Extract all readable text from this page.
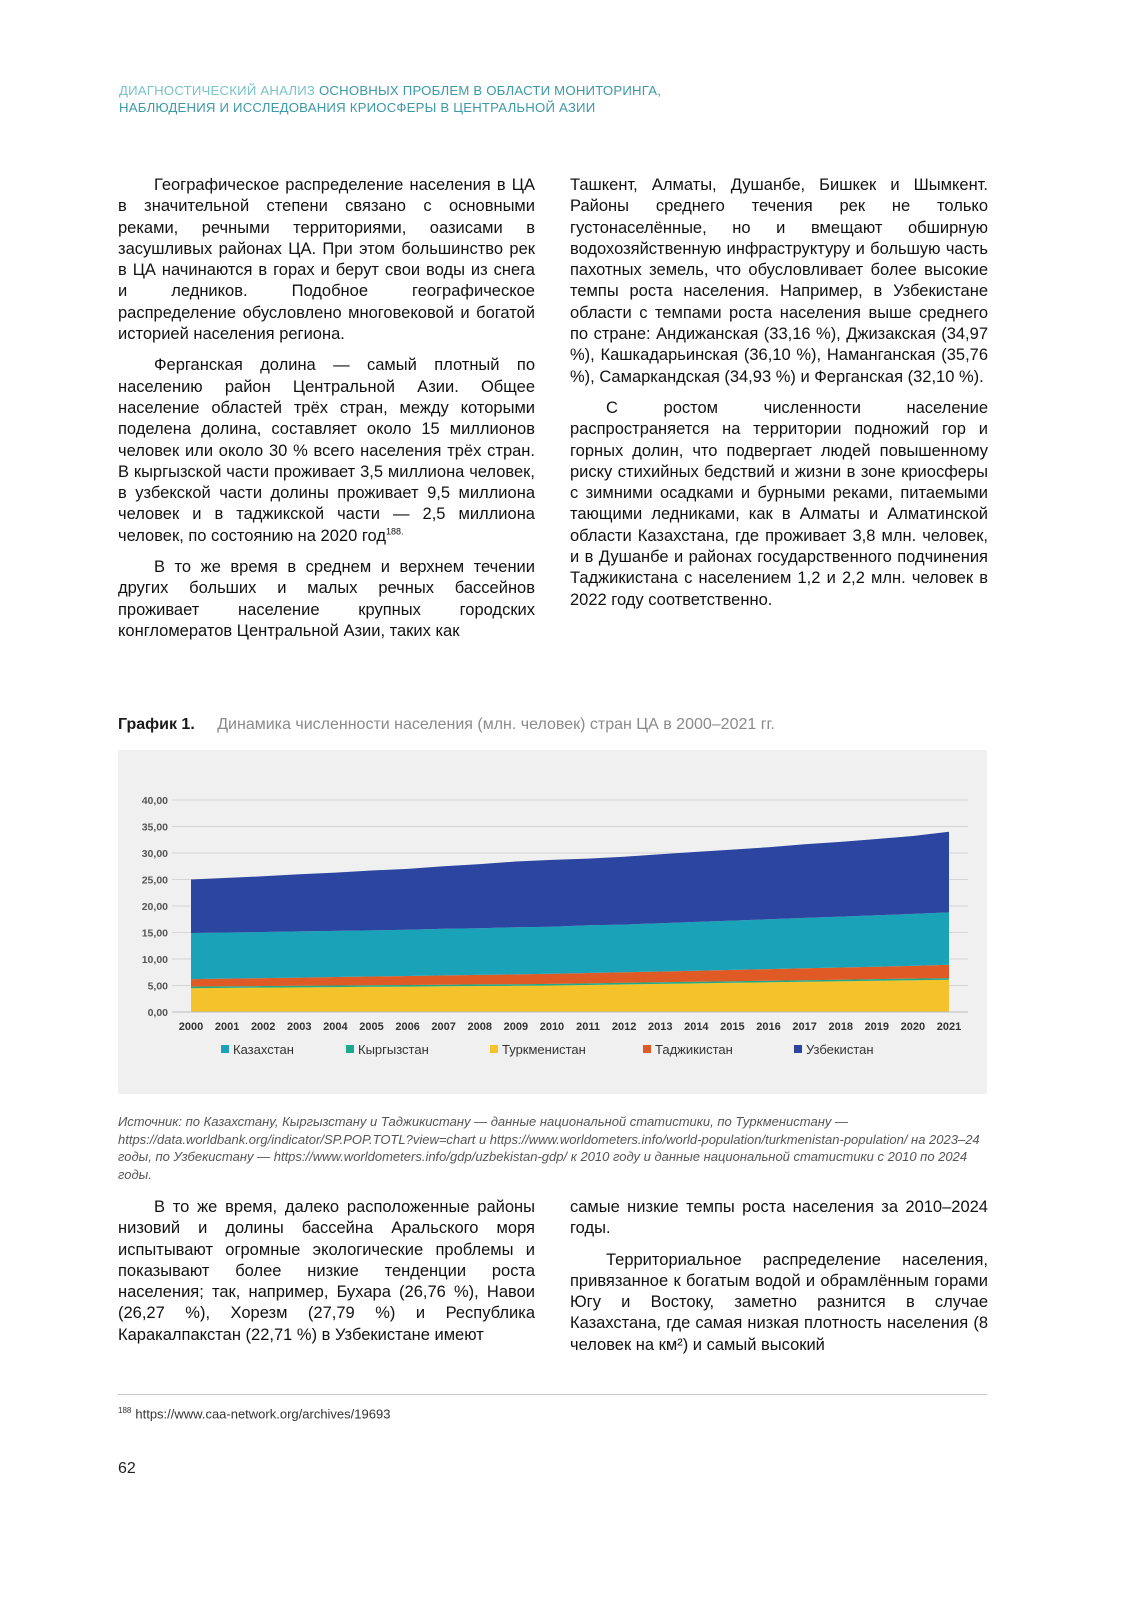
ДИАГНОСТИЧЕСКИЙ АНАЛИЗ ОСНОВНЫХ ПРОБЛЕМ В ОБЛАСТИ МОНИТОРИНГА,
НАБЛЮДЕНИЯ И ИССЛЕДОВАНИЯ КРИОСФЕРЫ В ЦЕНТРАЛЬНОЙ АЗИИ

Географическое распределение населения в ЦА в значительной степени связано с основными реками, речными территориями, оазисами в засушливых районах ЦА. При этом большинство рек в ЦА начинаются в горах и берут свои воды из снега и ледников. Подобное географическое распределение обусловлено многовековой и богатой историей населения региона.

Ферганская долина — самый плотный по населению район Центральной Азии. Общее население областей трёх стран, между которыми поделена долина, составляет около 15 миллионов человек или около 30 % всего населения трёх стран. В кыргызской части проживает 3,5 миллиона человек, в узбекской части долины проживает 9,5 миллиона человек и в таджикской части — 2,5 миллиона человек, по состоянию на 2020 год$^{188.}$

В то же время в среднем и верхнем течении других больших и малых речных бассейнов проживает население крупных городских конгломератов Центральной Азии, таких как

Ташкент, Алматы, Душанбе, Бишкек и Шымкент. Районы среднего течения рек не только густонаселённые, но и вмещают обширную водохозяйственную инфраструктуру и большую часть пахотных земель, что обусловливает более высокие темпы роста населения. Например, в Узбекистане области с темпами роста населения выше среднего по стране: Андижанская (33,16 %), Джизакская (34,97 %), Кашкадарьинская (36,10 %), Наманганская (35,76 %), Самаркандская (34,93 %) и Ферганская (32,10 %).

С ростом численности население распространяется на территории подножий гор и горных долин, что подвергает людей повышенному риску стихийных бедствий и жизни в зоне криосферы с зимними осадками и бурными реками, питаемыми тающими ледниками, как в Алматы и Алматинской области Казахстана, где проживает 3,8 млн. человек, и в Душанбе и районах государственного подчинения Таджикистана с населением 1,2 и 2,2 млн. человек в 2022 году соответственно.

График 1. Динамика численности населения (млн. человек) стран ЦА в 2000–2021 гг.
0,00
5,00
10,00
15,00
20,00
25,00
30,00
35,00
40,00
2000 2001 2002 2003 2004 2005 2006 2007 2008 2009 2010 2011 2012 2013 2014 2015 2016 2017 2018 2019 2020 2021
Казахстан	Кыргызстан	Туркменистан	Таджикистан	Узбекистан
Источник: по Казахстану, Кыргызстану и Таджикистану — данные национальной статистики, по Туркменистану — https://data.worldbank.org/indicator/SP.POP.TOTL?view=chart и https://www.worldometers.info/world-population/turkmenistan-population/ на 2023–24 годы, по Узбекистану — https://www.worldometers.info/gdp/uzbekistan-gdp/ к 2010 году и данные национальной статистики с 2010 по 2024 годы.

В то же время, далеко расположенные районы низовий и долины бассейна Аральского моря испытывают огромные экологические проблемы и показывают более низкие тенденции роста населения; так, например, Бухара (26,76 %), Навои (26,27 %), Хорезм (27,79 %) и Республика Каракалпакстан (22,71 %) в Узбекистане имеют

самые низкие темпы роста населения за 2010–2024 годы.

Территориальное распределение населения, привязанное к богатым водой и обрамлённым горами Югу и Востоку, заметно разнится в случае Казахстана, где самая низкая плотность населения (8 человек на км²) и самый высокий

$^{188}$ https://www.caa-network.org/archives/19693
62
